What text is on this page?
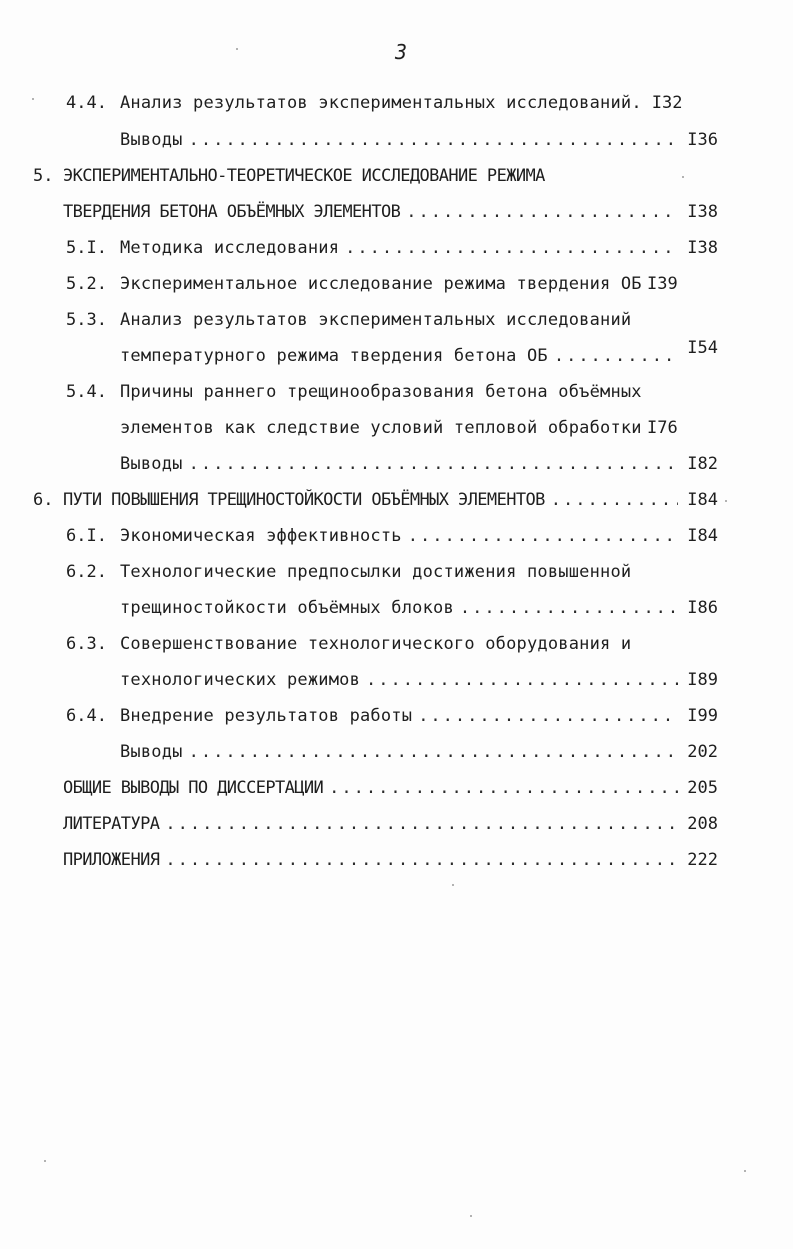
3
4.4. Анализ результатов экспериментальных исследований . I32
Выводы .....	I36
5. ЭКСПЕРИМЕНТАЛЬНО-ТЕОРЕТИЧЕСКОЕ ИССЛЕДОВАНИЕ РЕЖИМА
ТВЕРДЕНИЯ БЕТОНА ОБЪЁМНЫХ ЭЛЕМЕНТОВ .....	I38
5.I. Методика исследования .....	I38
5.2. Экспериментальное исследование режима твердения ОБ I39
5.3. Анализ результатов экспериментальных исследований
температурного режима твердения бетона ОБ .....	I54
5.4. Причины раннего трещинообразования бетона объёмных
элементов как следствие условий тепловой обработки I76
Выводы .....	I82
6. ПУТИ ПОВЫШЕНИЯ ТРЕЩИНОСТОЙКОСТИ ОБЪЁМНЫХ ЭЛЕМЕНТОВ .....	I84
6.I. Экономическая эффективность .....	I84
6.2. Технологические предпосылки достижения повышенной
трещиностойкости объёмных блоков .....	I86
6.3. Совершенствование технологического оборудования и
технологических режимов .....	I89
6.4. Внедрение результатов работы .....	I99
Выводы .....	202
ОБЩИЕ ВЫВОДЫ ПО ДИССЕРТАЦИИ .....	205
ЛИТЕРАТУРА .....	208
ПРИЛОЖЕНИЯ .....	222
